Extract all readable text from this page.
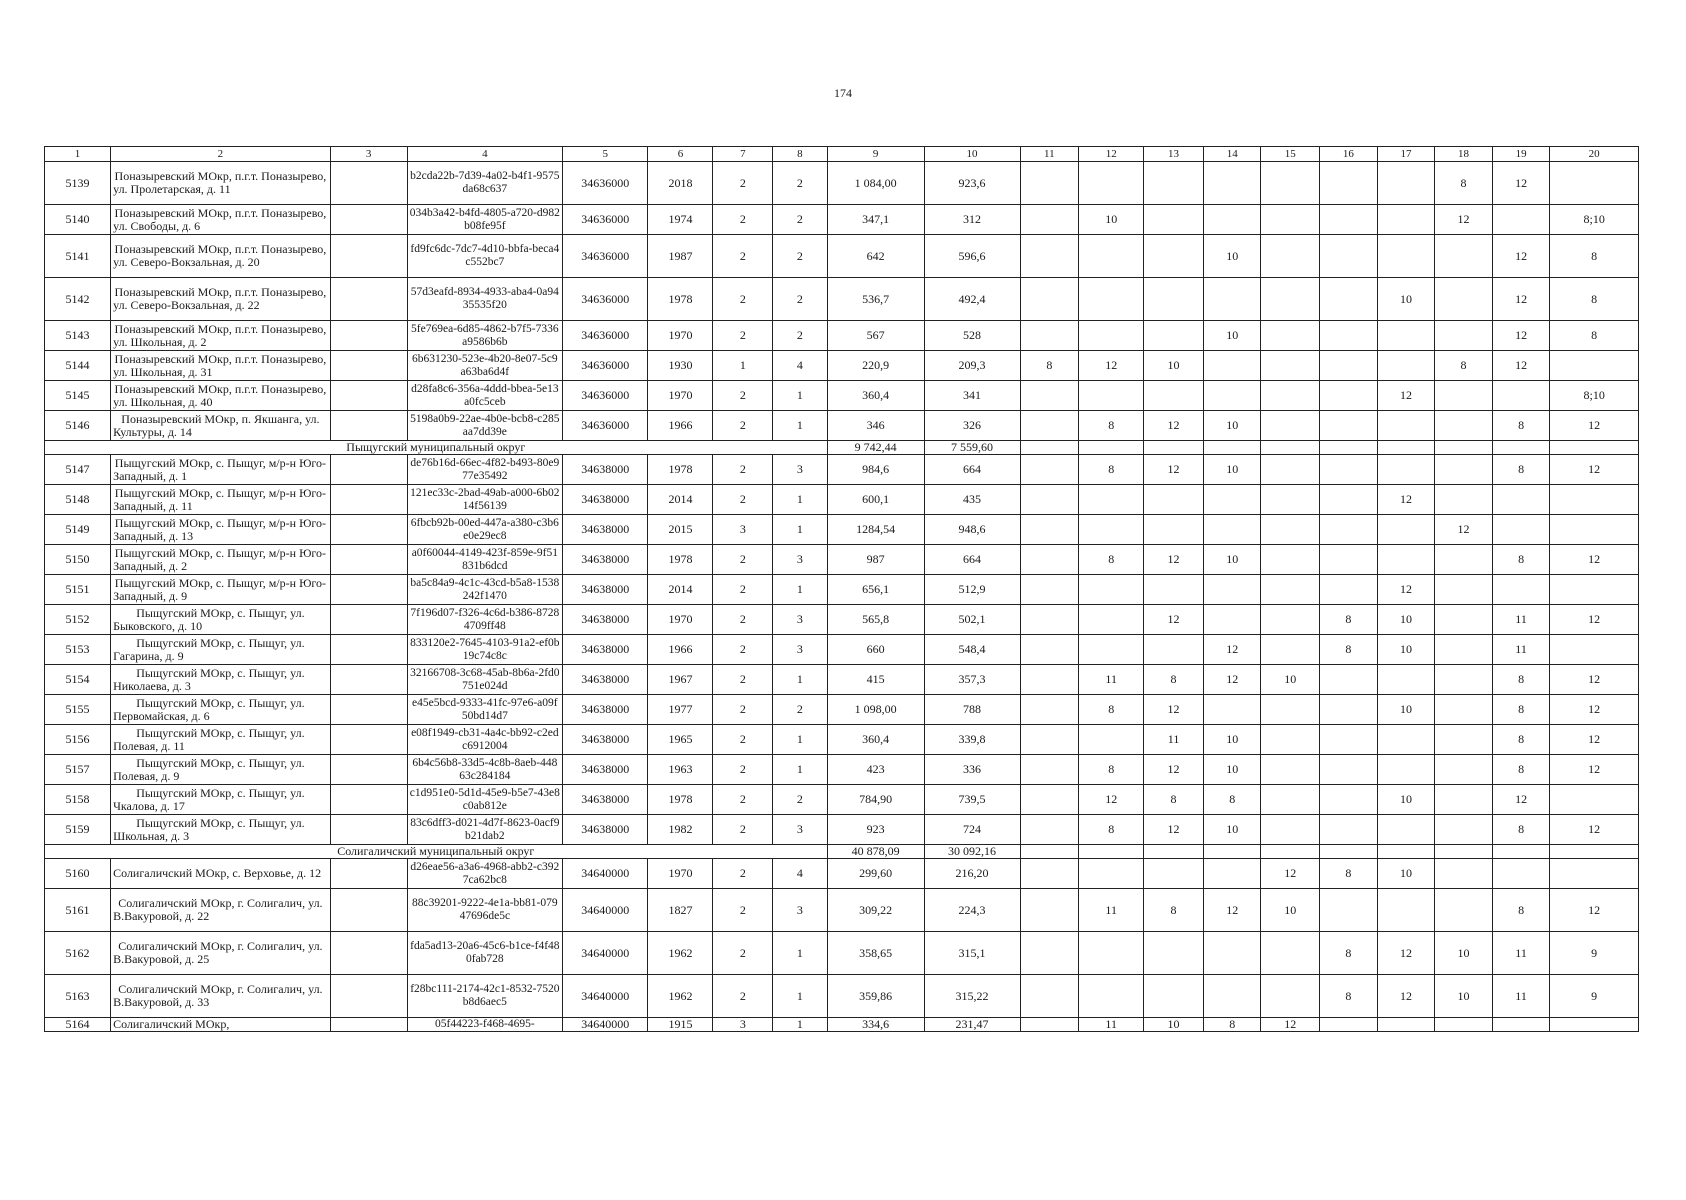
174
1	2	3	4	5	6	7	8	9	10	11	12	13	14	15	16	17	18	19	20
5139	Поназыревский МОкр, п.г.т. Поназырево, ул. Пролетарская, д. 11		b2cda22b-7d39-4a02-b4f1-9575da68c637	34636000	2018	2	2	1 084,00	923,6								8	12	
5140	Поназыревский МОкр, п.г.т. Поназырево, ул. Свободы, д. 6		034b3a42-b4fd-4805-a720-d982b08fe95f	34636000	1974	2	2	347,1	312		10						12		8;10
5141	Поназыревский МОкр, п.г.т. Поназырево, ул. Северо-Вокзальная, д. 20		fd9fc6dc-7dc7-4d10-bbfa-beca4c552bc7	34636000	1987	2	2	642	596,6				10					12	8
5142	Поназыревский МОкр, п.г.т. Поназырево, ул. Северо-Вокзальная, д. 22		57d3eafd-8934-4933-aba4-0a9435535f20	34636000	1978	2	2	536,7	492,4							10		12	8
5143	Поназыревский МОкр, п.г.т. Поназырево, ул. Школьная, д. 2		5fe769ea-6d85-4862-b7f5-7336a9586b6b	34636000	1970	2	2	567	528				10					12	8
5144	Поназыревский МОкр, п.г.т. Поназырево, ул. Школьная, д. 31		6b631230-523e-4b20-8e07-5c9a63ba6d4f	34636000	1930	1	4	220,9	209,3	8	12	10					8	12	
5145	Поназыревский МОкр, п.г.т. Поназырево, ул. Школьная, д. 40		d28fa8c6-356a-4ddd-bbea-5e13a0fc5ceb	34636000	1970	2	1	360,4	341							12			8;10
5146	Поназыревский МОкр, п. Якшанга, ул. Культуры, д. 14		5198a0b9-22ae-4b0e-bcb8-c285aa7dd39e	34636000	1966	2	1	346	326		8	12	10					8	12
Пыщугский муниципальный округ								9 742,44	7 559,60										
5147	Пыщугский МОкр, с. Пыщуг, м/р-н Юго-Западный, д. 1		de76b16d-66ec-4f82-b493-80e977e35492	34638000	1978	2	3	984,6	664		8	12	10					8	12
5148	Пыщугский МОкр, с. Пыщуг, м/р-н Юго-Западный, д. 11		121ec33c-2bad-49ab-a000-6b0214f56139	34638000	2014	2	1	600,1	435							12			
5149	Пыщугский МОкр, с. Пыщуг, м/р-н Юго-Западный, д. 13		6fbcb92b-00ed-447a-a380-c3b6e0e29ec8	34638000	2015	3	1	1284,54	948,6								12		
5150	Пыщугский МОкр, с. Пыщуг, м/р-н Юго-Западный, д. 2		a0f60044-4149-423f-859e-9f51831b6dcd	34638000	1978	2	3	987	664		8	12	10					8	12
5151	Пыщугский МОкр, с. Пыщуг, м/р-н Юго-Западный, д. 9		ba5c84a9-4c1c-43cd-b5a8-1538242f1470	34638000	2014	2	1	656,1	512,9							12			
5152	Пыщугский МОкр, с. Пыщуг, ул. Быковского, д. 10		7f196d07-f326-4c6d-b386-87284709ff48	34638000	1970	2	3	565,8	502,1			12			8	10		11	12
5153	Пыщугский МОкр, с. Пыщуг, ул. Гагарина, д. 9		833120e2-7645-4103-91a2-ef0b19c74c8c	34638000	1966	2	3	660	548,4				12		8	10		11	
5154	Пыщугский МОкр, с. Пыщуг, ул. Николаева, д. 3		32166708-3c68-45ab-8b6a-2fd0751e024d	34638000	1967	2	1	415	357,3		11	8	12	10				8	12
5155	Пыщугский МОкр, с. Пыщуг, ул. Первомайская, д. 6		e45e5bcd-9333-41fc-97e6-a09f50bd14d7	34638000	1977	2	2	1 098,00	788		8	12				10		8	12
5156	Пыщугский МОкр, с. Пыщуг, ул. Полевая, д. 11		e08f1949-cb31-4a4c-bb92-c2edc6912004	34638000	1965	2	1	360,4	339,8			11	10					8	12
5157	Пыщугский МОкр, с. Пыщуг, ул. Полевая, д. 9		6b4c56b8-33d5-4c8b-8aeb-44863c284184	34638000	1963	2	1	423	336		8	12	10					8	12
5158	Пыщугский МОкр, с. Пыщуг, ул. Чкалова, д. 17		c1d951e0-5d1d-45e9-b5e7-43e8c0ab812e	34638000	1978	2	2	784,90	739,5		12	8	8			10		12	
5159	Пыщугский МОкр, с. Пыщуг, ул. Школьная, д. 3		83c6dff3-d021-4d7f-8623-0acf9b21dab2	34638000	1982	2	3	923	724		8	12	10					8	12
Солигаличский муниципальный округ								40 878,09	30 092,16										
5160	Солигаличский МОкр, с. Верховье, д. 12		d26eae56-a3a6-4968-abb2-c3927ca62bc8	34640000	1970	2	4	299,60	216,20					12	8	10			
5161	Солигаличский МОкр, г. Солигалич, ул. В.Вакуровой, д. 22		88c39201-9222-4e1a-bb81-07947696de5c	34640000	1827	2	3	309,22	224,3		11	8	12	10				8	12
5162	Солигаличский МОкр, г. Солигалич, ул. В.Вакуровой, д. 25		fda5ad13-20a6-45c6-b1ce-f4f480fab728	34640000	1962	2	1	358,65	315,1						8	12	10	11	9
5163	Солигаличский МОкр, г. Солигалич, ул. В.Вакуровой, д. 33		f28bc111-2174-42c1-8532-7520b8d6aec5	34640000	1962	2	1	359,86	315,22						8	12	10	11	9
5164	Солигаличский МОкр,		05f44223-f468-4695-	34640000	1915	3	1	334,6	231,47		11	10	8	12					
